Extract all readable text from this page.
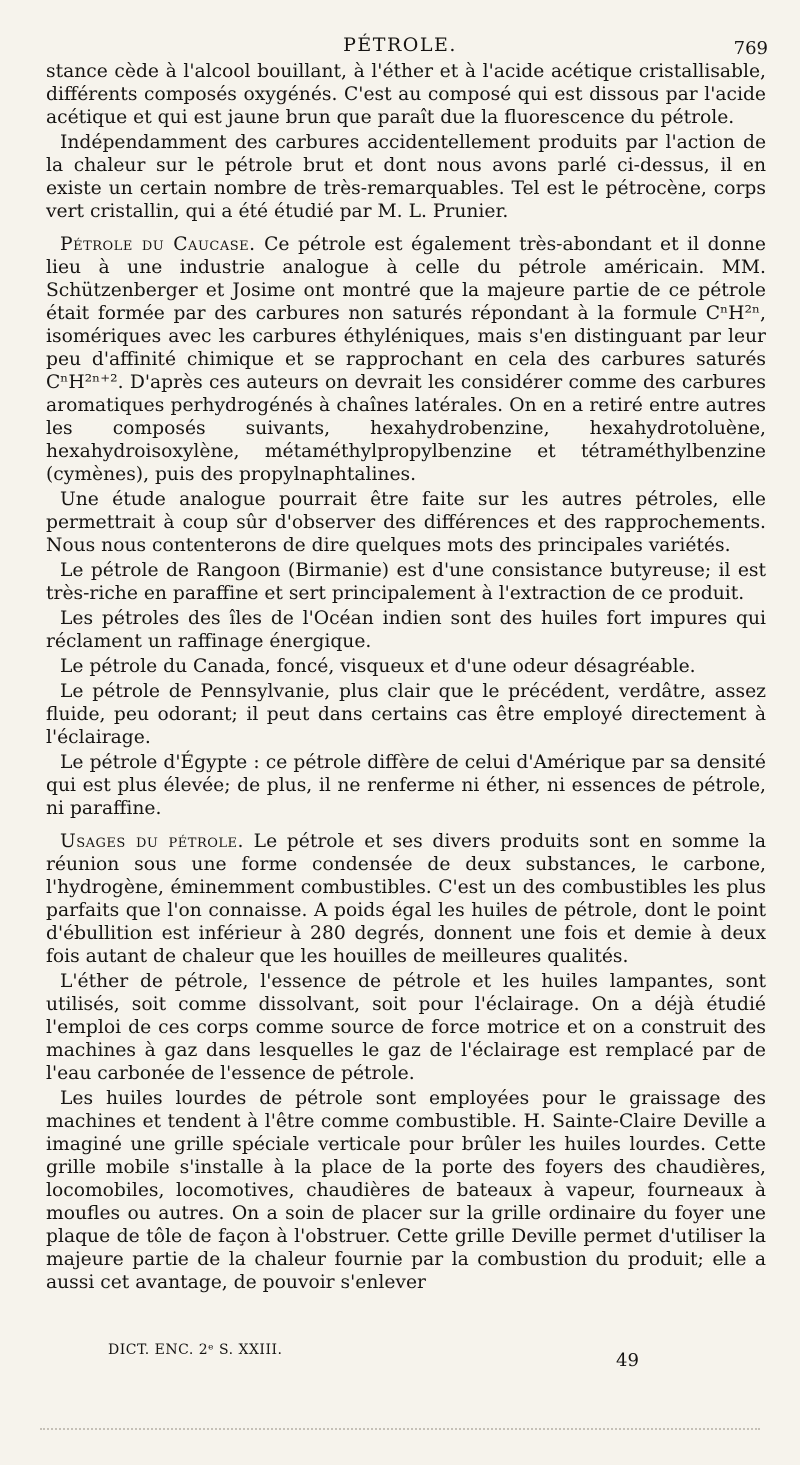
PÉTROLE.	769

stance cède à l'alcool bouillant, à l'éther et à l'acide acétique cristallisable, différents composés oxygénés. C'est au composé qui est dissous par l'acide acétique et qui est jaune brun que paraît due la fluorescence du pétrole.

Indépendamment des carbures accidentellement produits par l'action de la chaleur sur le pétrole brut et dont nous avons parlé ci-dessus, il en existe un certain nombre de très-remarquables. Tel est le pétrocène, corps vert cristallin, qui a été étudié par M. L. Prunier.

Pétrole du Caucase. Ce pétrole est également très-abondant et il donne lieu à une industrie analogue à celle du pétrole américain. MM. Schützenberger et Josime ont montré que la majeure partie de ce pétrole était formée par des carbures non saturés répondant à la formule CⁿH²ⁿ, isomériques avec les carbures éthyléniques, mais s'en distinguant par leur peu d'affinité chimique et se rapprochant en cela des carbures saturés CⁿH²ⁿ⁺². D'après ces auteurs on devrait les considérer comme des carbures aromatiques perhydrogénés à chaînes latérales. On en a retiré entre autres les composés suivants, hexahydrobenzine, hexahydrotoluène, hexahydroisoxylène, métaméthylpropylbenzine et tétraméthylbenzine (cymènes), puis des propylnaphtalines.

Une étude analogue pourrait être faite sur les autres pétroles, elle permettrait à coup sûr d'observer des différences et des rapprochements. Nous nous contenterons de dire quelques mots des principales variétés.

Le pétrole de Rangoon (Birmanie) est d'une consistance butyreuse; il est très-riche en paraffine et sert principalement à l'extraction de ce produit.

Les pétroles des îles de l'Océan indien sont des huiles fort impures qui réclament un raffinage énergique.

Le pétrole du Canada, foncé, visqueux et d'une odeur désagréable.

Le pétrole de Pennsylvanie, plus clair que le précédent, verdâtre, assez fluide, peu odorant; il peut dans certains cas être employé directement à l'éclairage.

Le pétrole d'Égypte : ce pétrole diffère de celui d'Amérique par sa densité qui est plus élevée; de plus, il ne renferme ni éther, ni essences de pétrole, ni paraffine.

Usages du pétrole. Le pétrole et ses divers produits sont en somme la réunion sous une forme condensée de deux substances, le carbone, l'hydrogène, éminemment combustibles. C'est un des combustibles les plus parfaits que l'on connaisse. A poids égal les huiles de pétrole, dont le point d'ébullition est inférieur à 280 degrés, donnent une fois et demie à deux fois autant de chaleur que les houilles de meilleures qualités.

L'éther de pétrole, l'essence de pétrole et les huiles lampantes, sont utilisés, soit comme dissolvant, soit pour l'éclairage. On a déjà étudié l'emploi de ces corps comme source de force motrice et on a construit des machines à gaz dans lesquelles le gaz de l'éclairage est remplacé par de l'eau carbonée de l'essence de pétrole.

Les huiles lourdes de pétrole sont employées pour le graissage des machines et tendent à l'être comme combustible. H. Sainte-Claire Deville a imaginé une grille spéciale verticale pour brûler les huiles lourdes. Cette grille mobile s'installe à la place de la porte des foyers des chaudières, locomobiles, locomotives, chaudières de bateaux à vapeur, fourneaux à moufles ou autres. On a soin de placer sur la grille ordinaire du foyer une plaque de tôle de façon à l'obstruer. Cette grille Deville permet d'utiliser la majeure partie de la chaleur fournie par la combustion du produit; elle a aussi cet avantage, de pouvoir s'enlever

DICT. ENC. 2ᵉ S. XXIII.	49
